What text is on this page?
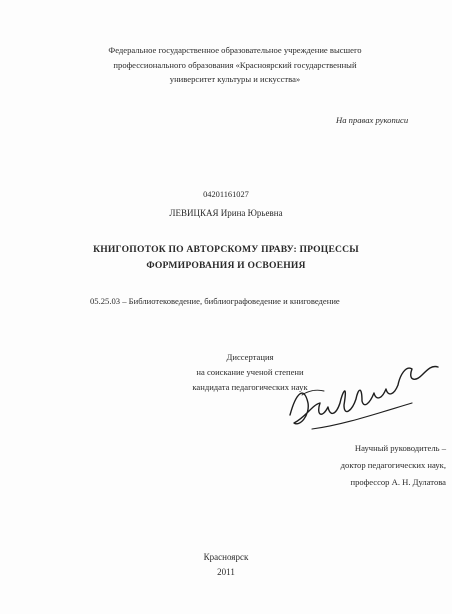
Федеральное государственное образовательное учреждение высшего
профессионального образования «Красноярский государственный
университет культуры и искусства»
На правах рукописи
04201161027
ЛЕВИЦКАЯ Ирина Юрьевна
КНИГОПОТОК ПО АВТОРСКОМУ ПРАВУ: ПРОЦЕССЫ
ФОРМИРОВАНИЯ И ОСВОЕНИЯ
05.25.03 – Библиотековедение, библиографоведение и книговедение
Диссертация
на соискание ученой степени
кандидата педагогических наук
Научный руководитель –
доктор педагогических наук,
профессор А. Н. Дулатова
Красноярск
2011
